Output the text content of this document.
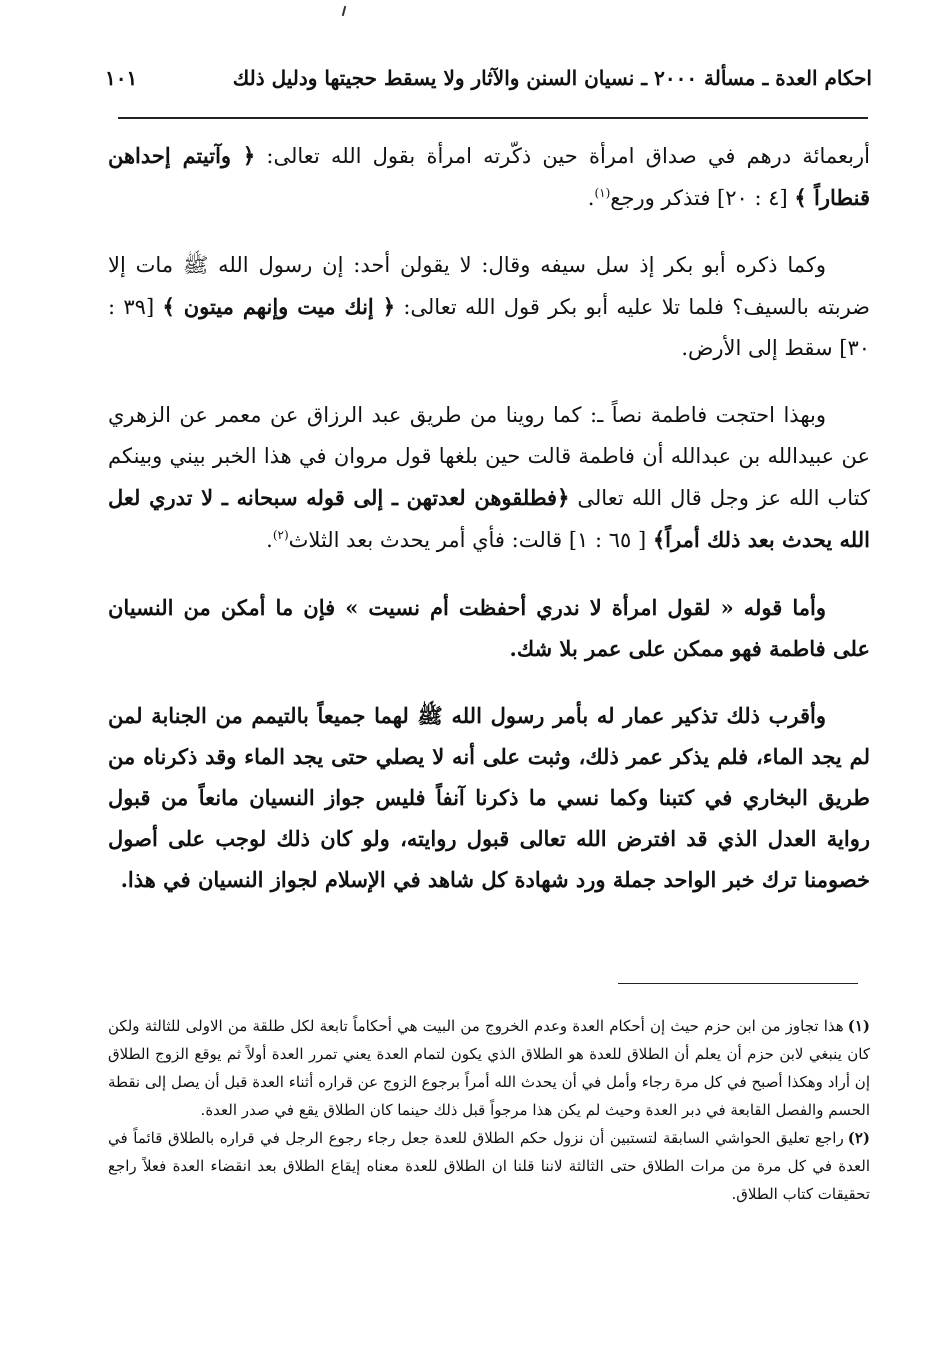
١٠١	احكام العدة ـ مسألة ٢٠٠٠ ـ نسيان السنن والآثار ولا يسقط حجيتها ودليل ذلك

أربعمائة درهم في صداق امرأة حين ذكّرته امرأة بقول الله تعالى: ﴿ وآتيتم إحداهن قنطاراً ﴾ [٤ : ٢٠] فتذكر ورجع$^{(١)}$.

وكما ذكره أبو بكر إذ سل سيفه وقال: لا يقولن أحد: إن رسول الله ﷺ مات إلا ضربته بالسيف؟ فلما تلا عليه أبو بكر قول الله تعالى: ﴿ إنك ميت وإنهم ميتون ﴾ [٣٩ : ٣٠] سقط إلى الأرض.

وبهذا احتجت فاطمة نصاً ـ: كما روينا من طريق عبد الرزاق عن معمر عن الزهري عن عبيدالله بن عبدالله أن فاطمة قالت حين بلغها قول مروان في هذا الخبر بيني وبينكم كتاب الله عز وجل قال الله تعالى ﴿فطلقوهن لعدتهن ـ إلى قوله سبحانه ـ لا تدري لعل الله يحدث بعد ذلك أمراً﴾ [ ٦٥ : ١] قالت: فأي أمر يحدث بعد الثلاث$^{(٢)}$.

وأما قوله « لقول امرأة لا ندري أحفظت أم نسيت » فإن ما أمكن من النسيان على فاطمة فهو ممكن على عمر بلا شك.

وأقرب ذلك تذكير عمار له بأمر رسول الله ﷺ لهما جميعاً بالتيمم من الجنابة لمن لم يجد الماء، فلم يذكر عمر ذلك، وثبت على أنه لا يصلي حتى يجد الماء وقد ذكرناه من طريق البخاري في كتبنا وكما نسي ما ذكرنا آنفاً فليس جواز النسيان مانعاً من قبول رواية العدل الذي قد افترض الله تعالى قبول روايته، ولو كان ذلك لوجب على أصول خصومنا ترك خبر الواحد جملة ورد شهادة كل شاهد في الإسلام لجواز النسيان في هذا.

(١)هذا تجاوز من ابن حزم حيث إن أحكام العدة وعدم الخروج من البيت هي أحكاماً تابعة لكل طلقة من الاولى للثالثة ولكن كان ينبغي لابن حزم أن يعلم أن الطلاق للعدة هو الطلاق الذي يكون لتمام العدة يعني تمرر العدة أولاً ثم يوقع الزوج الطلاق إن أراد وهكذا أصبح في كل مرة رجاء وأمل في أن يحدث الله أمراً برجوع الزوج عن قراره أثناء العدة قبل أن يصل إلى نقطة الحسم والفصل القابعة في دبر العدة وحيث لم يكن هذا مرجواً قبل ذلك حينما كان الطلاق يقع في صدر العدة.

(٢)راجع تعليق الحواشي السابقة لتستبين أن نزول حكم الطلاق للعدة جعل رجاء رجوع الرجل في قراره بالطلاق قائماً في العدة في كل مرة من مرات الطلاق حتى الثالثة لاننا قلنا ان الطلاق للعدة معناه إيقاع الطلاق بعد انقضاء العدة فعلاً راجع تحقيقات كتاب الطلاق.
